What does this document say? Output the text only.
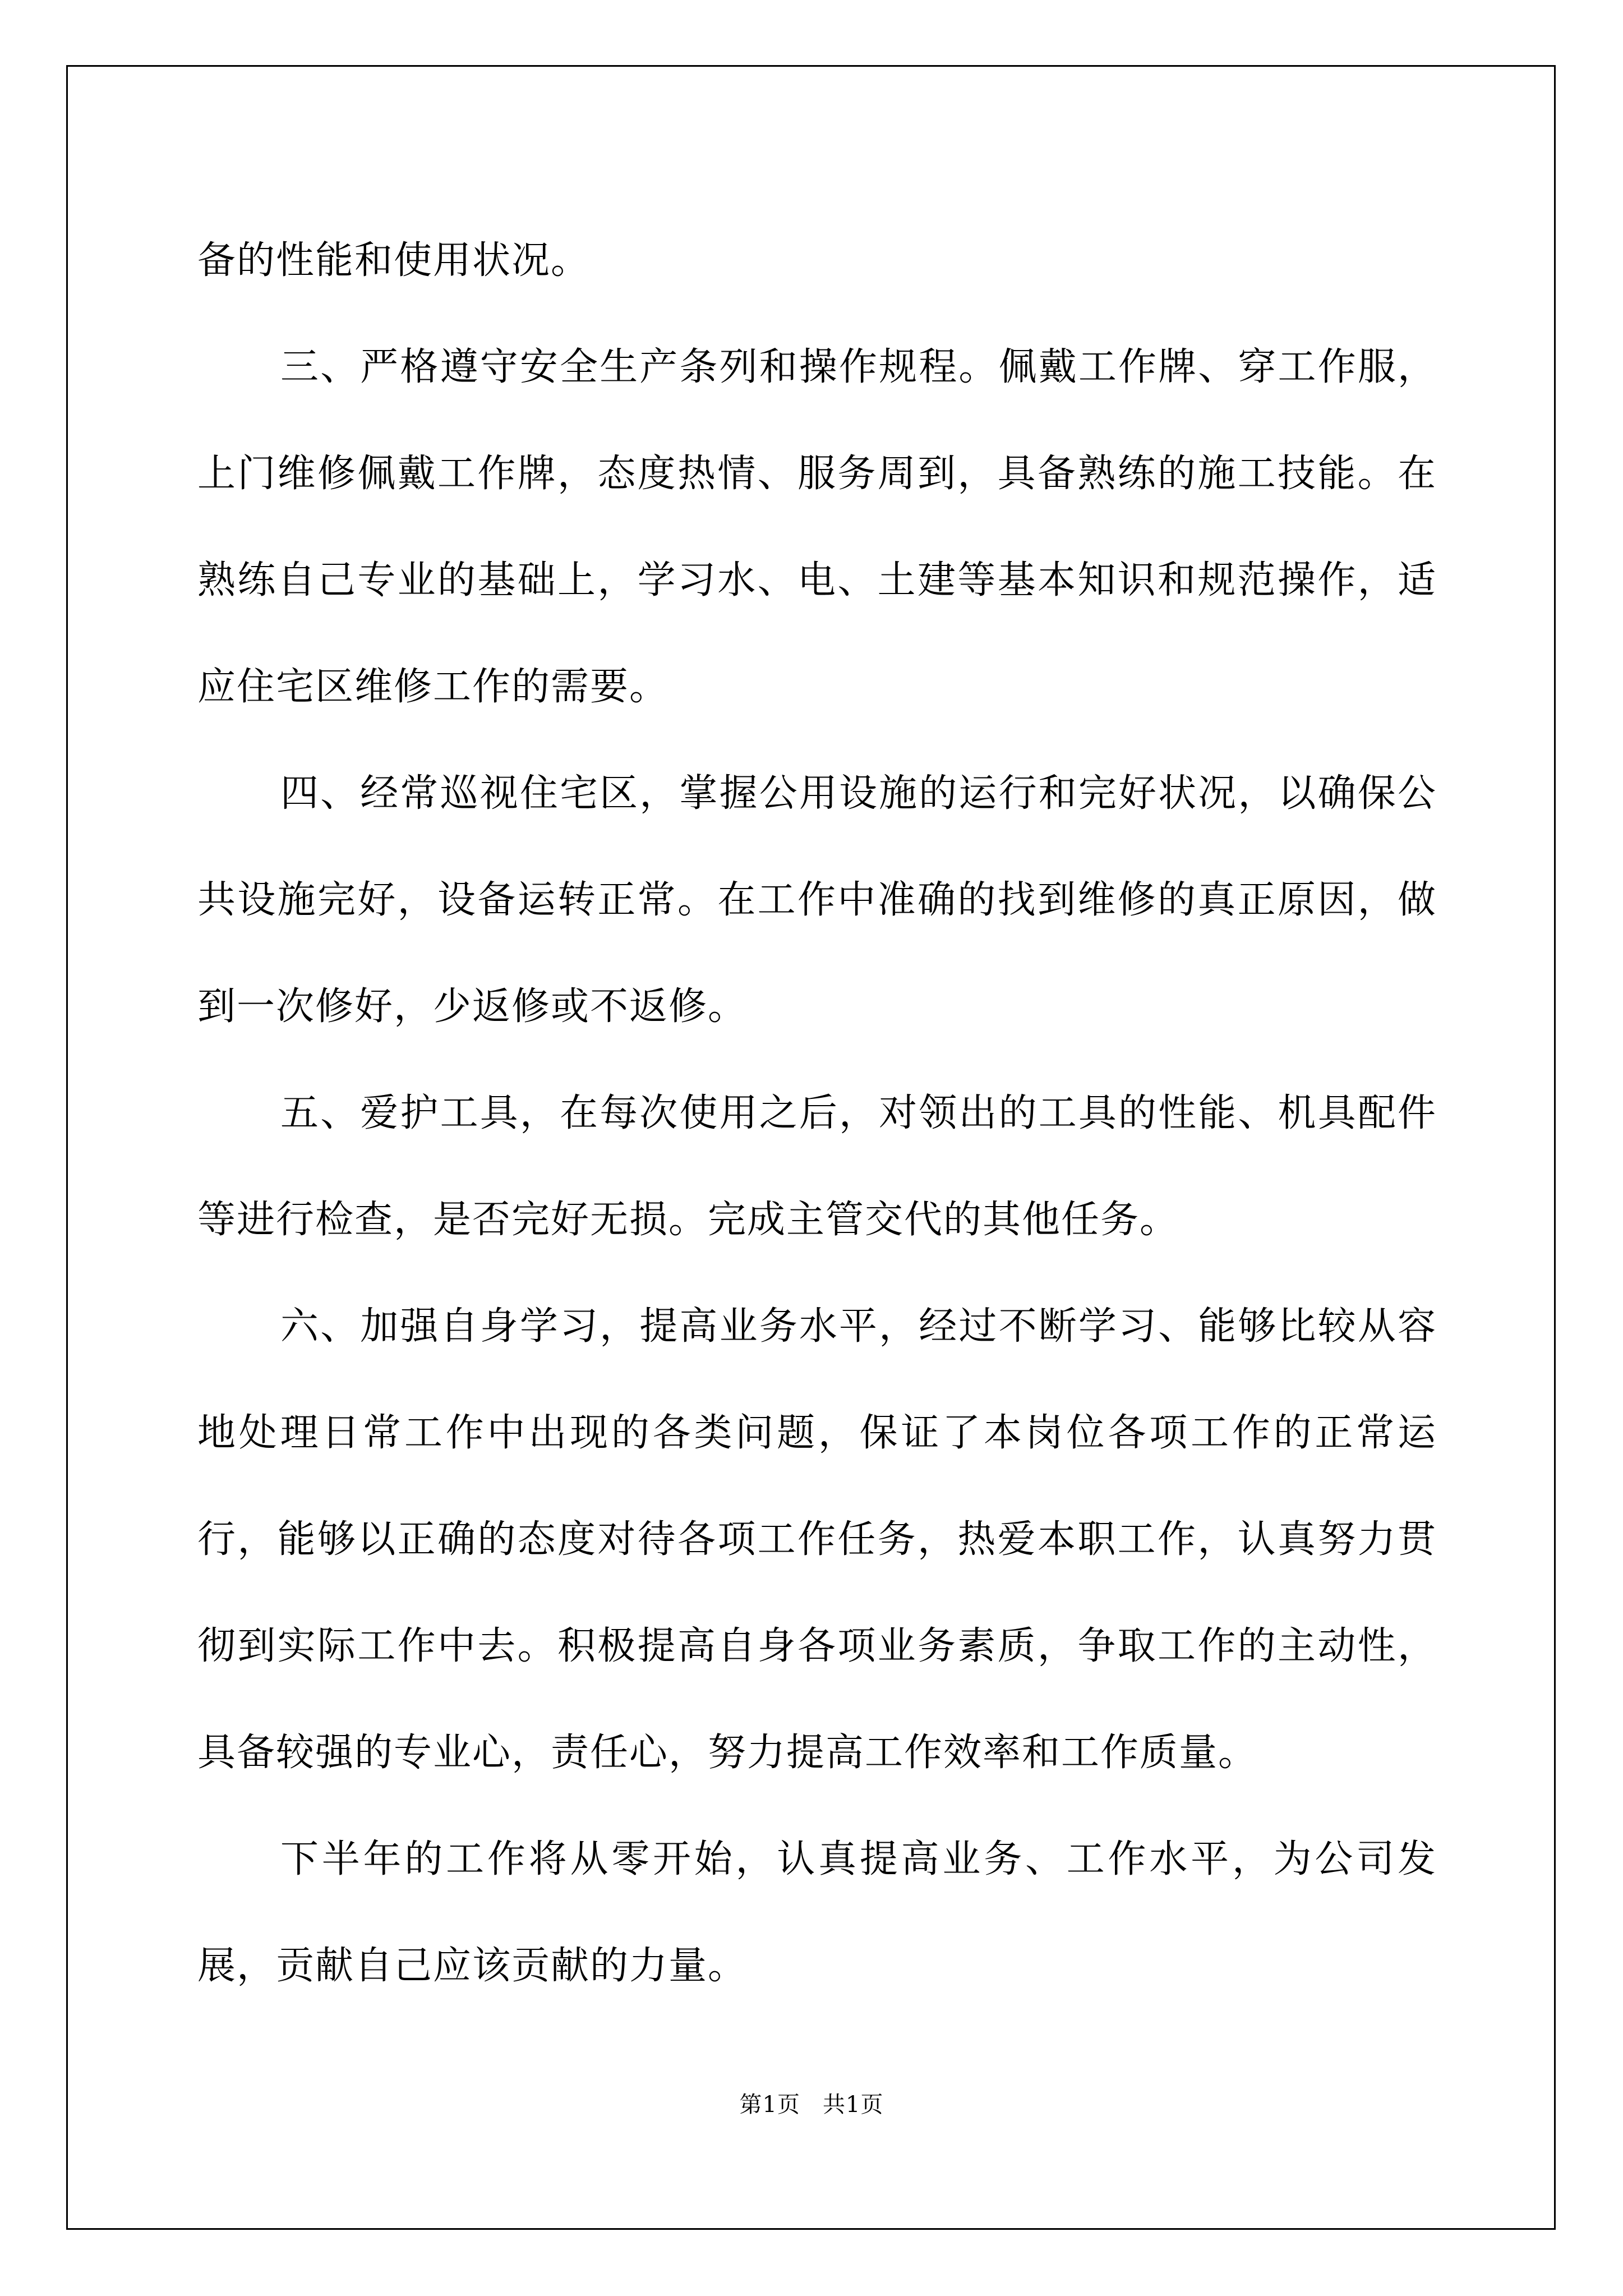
备的性能和使用状况。

三、严格遵守安全生产条列和操作规程。佩戴工作牌、穿工作服，上门维修佩戴工作牌，态度热情、服务周到，具备熟练的施工技能。在熟练自己专业的基础上，学习水、电、土建等基本知识和规范操作，适应住宅区维修工作的需要。

四、经常巡视住宅区，掌握公用设施的运行和完好状况，以确保公共设施完好，设备运转正常。在工作中准确的找到维修的真正原因，做到一次修好，少返修或不返修。

五、爱护工具，在每次使用之后，对领出的工具的性能、机具配件等进行检查，是否完好无损。完成主管交代的其他任务。

六、加强自身学习，提高业务水平，经过不断学习、能够比较从容地处理日常工作中出现的各类问题，保证了本岗位各项工作的正常运行，能够以正确的态度对待各项工作任务，热爱本职工作，认真努力贯彻到实际工作中去。积极提高自身各项业务素质，争取工作的主动性，具备较强的专业心，责任心，努力提高工作效率和工作质量。

下半年的工作将从零开始，认真提高业务、工作水平，为公司发展，贡献自己应该贡献的力量。

第1页 共1页
